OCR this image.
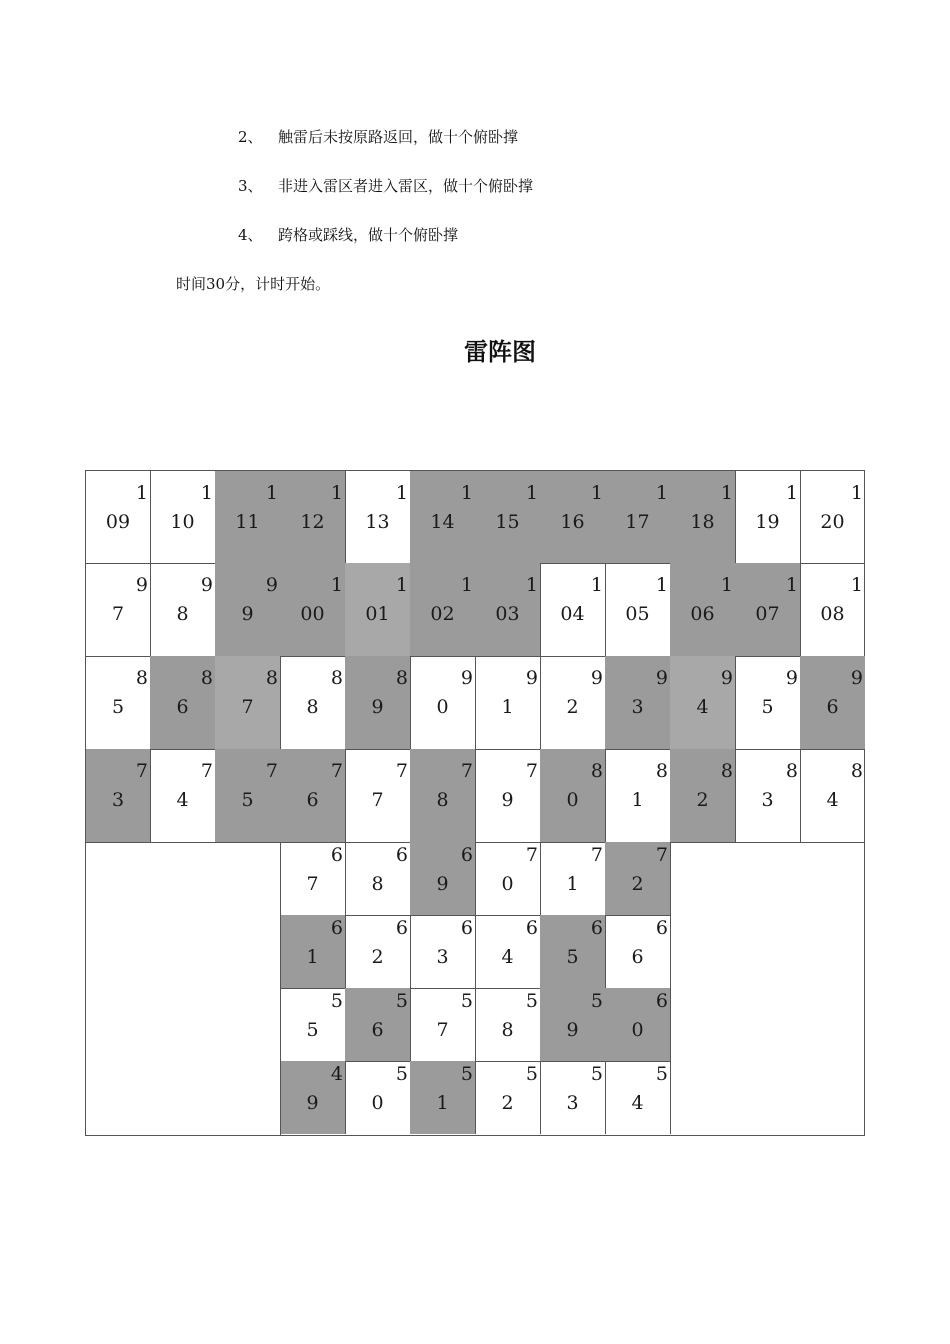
2、 触雷后未按原路返回，做十个俯卧撑
3、 非进入雷区者进入雷区，做十个俯卧撑
4、 跨格或踩线，做十个俯卧撑
时间30分，计时开始。
雷阵图
1
09
1
10
1
11
1
12
1
13
1
14
1
15
1
16
1
17
1
18
1
19
1
20
9
7
9
8
9
9
1
00
1
01
1
02
1
03
1
04
1
05
1
06
1
07
1
08
8
5
8
6
8
7
8
8
8
9
9
0
9
1
9
2
9
3
9
4
9
5
9
6
7
3
7
4
7
5
7
6
7
7
7
8
7
9
8
0
8
1
8
2
8
3
8
4
6
7
6
8
6
9
7
0
7
1
7
2
6
1
6
2
6
3
6
4
6
5
6
6
5
5
5
6
5
7
5
8
5
9
6
0
4
9
5
0
5
1
5
2
5
3
5
4
